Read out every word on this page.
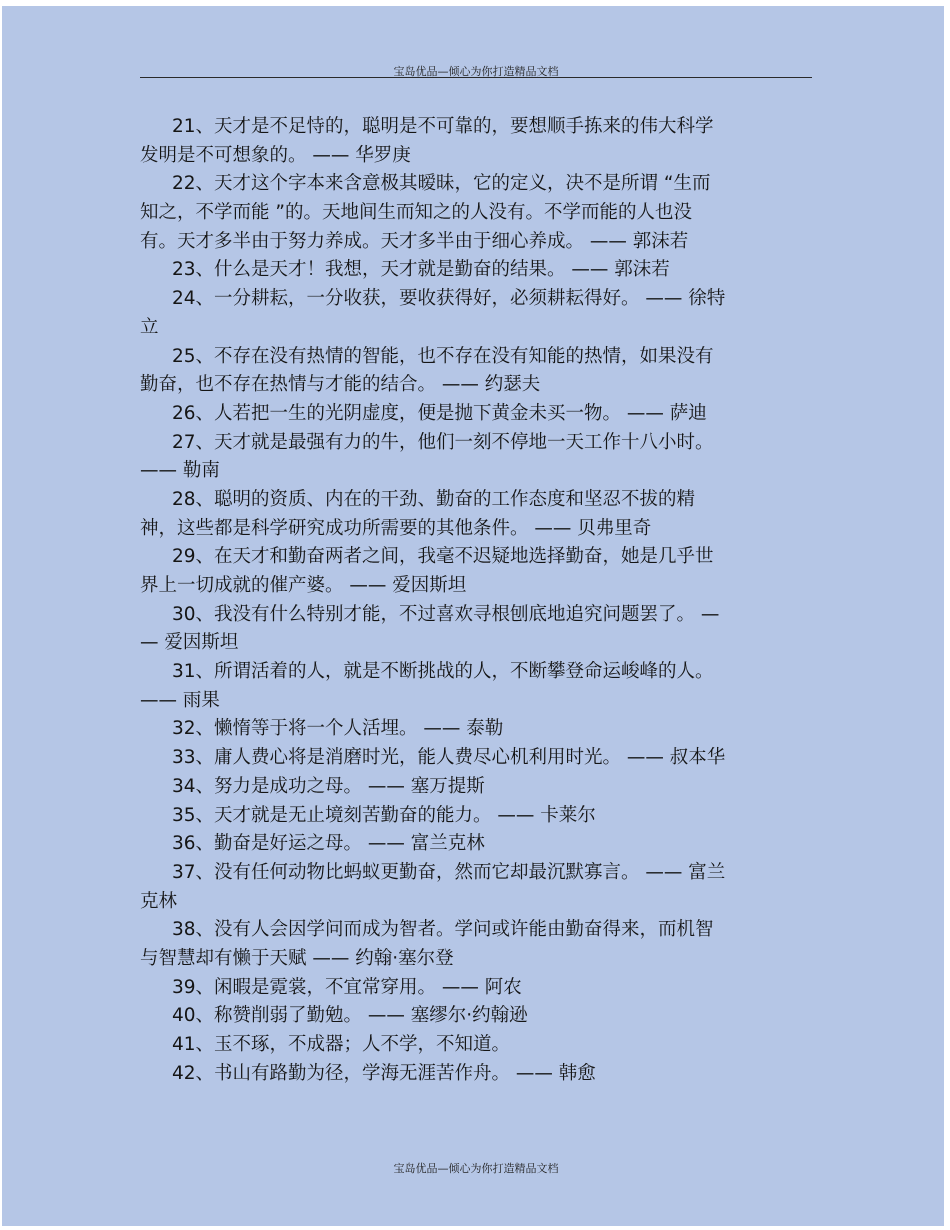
宝岛优品—倾心为你打造精品文档
21、天才是不足恃的，聪明是不可靠的，要想顺手拣来的伟大科学
发明是不可想象的。 —— 华罗庚
22、天才这个字本来含意极其暧昧，它的定义，决不是所谓 “生而
知之，不学而能 ”的。天地间生而知之的人没有。不学而能的人也没
有。天才多半由于努力养成。天才多半由于细心养成。 —— 郭沫若
23、什么是天才！我想，天才就是勤奋的结果。 —— 郭沫若
24、一分耕耘，一分收获，要收获得好，必须耕耘得好。 —— 徐特
立
25、不存在没有热情的智能，也不存在没有知能的热情，如果没有
勤奋，也不存在热情与才能的结合。 —— 约瑟夫
26、人若把一生的光阴虚度，便是抛下黄金未买一物。 —— 萨迪
27、天才就是最强有力的牛，他们一刻不停地一天工作十八小时。
—— 勒南
28、聪明的资质、内在的干劲、勤奋的工作态度和坚忍不拔的精
神，这些都是科学研究成功所需要的其他条件。 —— 贝弗里奇
29、在天才和勤奋两者之间，我毫不迟疑地选择勤奋，她是几乎世
界上一切成就的催产婆。 —— 爱因斯坦
30、我没有什么特别才能，不过喜欢寻根刨底地追究问题罢了。 —
— 爱因斯坦
31、所谓活着的人，就是不断挑战的人，不断攀登命运峻峰的人。
—— 雨果
32、懒惰等于将一个人活埋。 —— 泰勒
33、庸人费心将是消磨时光，能人费尽心机利用时光。 —— 叔本华
34、努力是成功之母。 —— 塞万提斯
35、天才就是无止境刻苦勤奋的能力。 —— 卡莱尔
36、勤奋是好运之母。 —— 富兰克林
37、没有任何动物比蚂蚁更勤奋，然而它却最沉默寡言。 —— 富兰
克林
38、没有人会因学问而成为智者。学问或许能由勤奋得来，而机智
与智慧却有懒于天赋 —— 约翰·塞尔登
39、闲暇是霓裳，不宜常穿用。 —— 阿农
40、称赞削弱了勤勉。 —— 塞缪尔·约翰逊
41、玉不琢，不成器；人不学，不知道。
42、书山有路勤为径，学海无涯苦作舟。 —— 韩愈
宝岛优品—倾心为你打造精品文档
